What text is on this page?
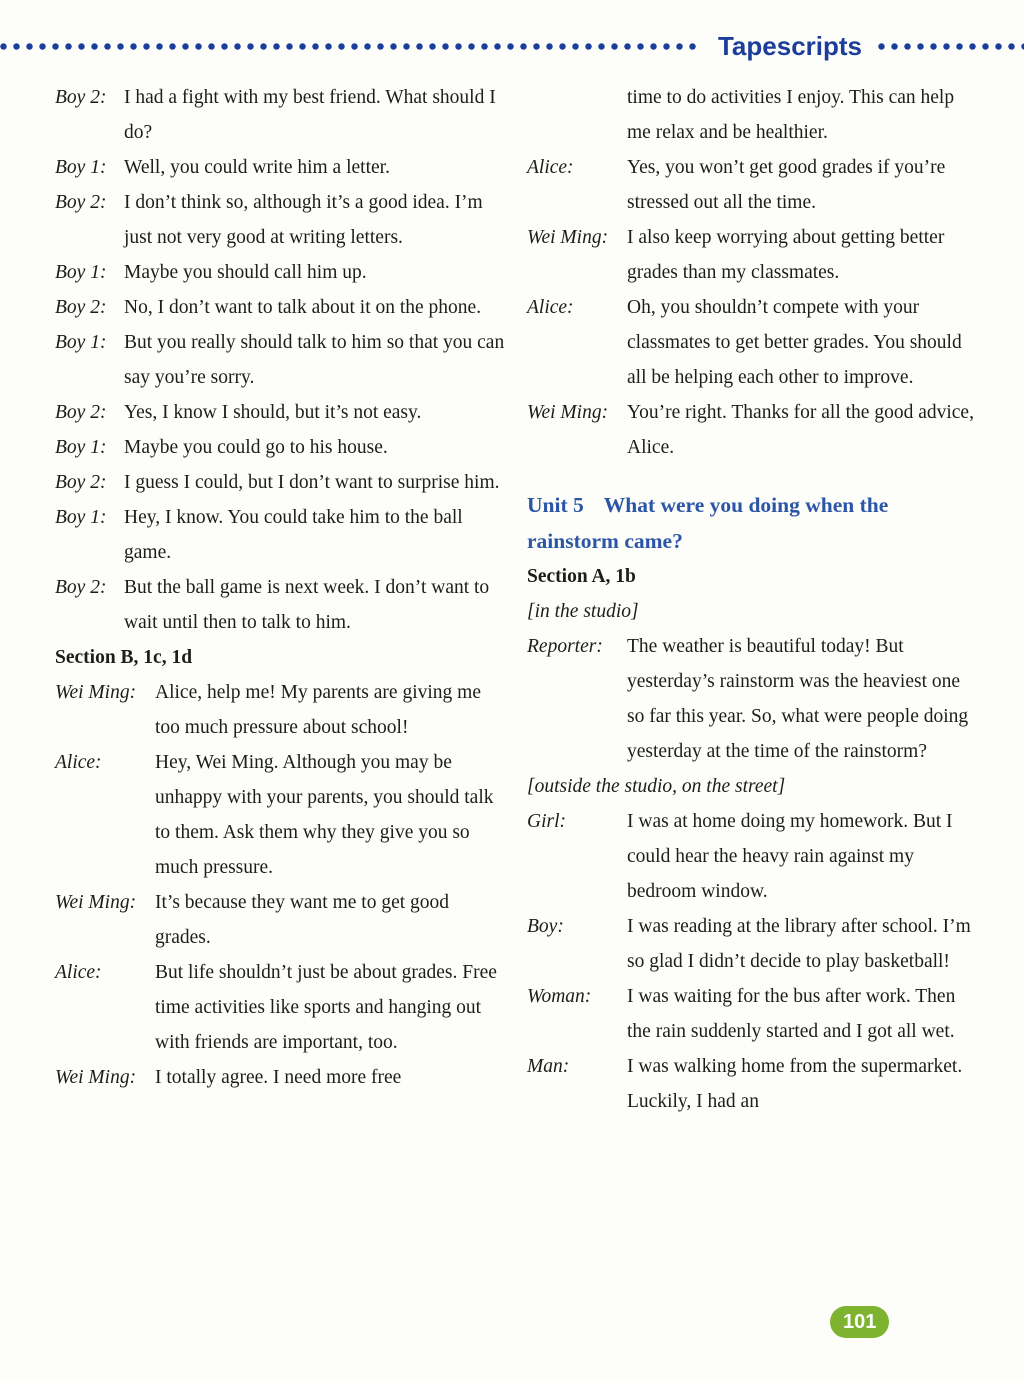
Tapescripts
Boy 2: I had a fight with my best friend. What should I do?
Boy 1: Well, you could write him a letter.
Boy 2: I don’t think so, although it’s a good idea. I’m just not very good at writing letters.
Boy 1: Maybe you should call him up.
Boy 2: No, I don’t want to talk about it on the phone.
Boy 1: But you really should talk to him so that you can say you’re sorry.
Boy 2: Yes, I know I should, but it’s not easy.
Boy 1: Maybe you could go to his house.
Boy 2: I guess I could, but I don’t want to surprise him.
Boy 1: Hey, I know. You could take him to the ball game.
Boy 2: But the ball game is next week. I don’t want to wait until then to talk to him.
Section B, 1c, 1d
Wei Ming: Alice, help me! My parents are giving me too much pressure about school!
Alice:	Hey, Wei Ming. Although you may be unhappy with your parents, you should talk to them. Ask them why they give you so much pressure.
Wei Ming: It’s because they want me to get good grades.
Alice:	But life shouldn’t just be about grades. Free time activities like sports and hanging out with friends are important, too.
Wei Ming: I totally agree. I need more free
time to do activities I enjoy. This can help me relax and be healthier.
Alice:	Yes, you won’t get good grades if you’re stressed out all the time.
Wei Ming: I also keep worrying about getting better grades than my classmates.
Alice:	Oh, you shouldn’t compete with your classmates to get better grades. You should all be helping each other to improve.
Wei Ming: You’re right. Thanks for all the good advice, Alice.
Unit 5 What were you doing when the rainstorm came?
Section A, 1b
[in the studio]
Reporter: The weather is beautiful today! But yesterday’s rainstorm was the heaviest one so far this year. So, what were people doing yesterday at the time of the rainstorm?
[outside the studio, on the street]
Girl:	I was at home doing my homework. But I could hear the heavy rain against my bedroom window.
Boy:	I was reading at the library after school. I’m so glad I didn’t decide to play basketball!
Woman: I was waiting for the bus after work. Then the rain suddenly started and I got all wet.
Man:	I was walking home from the supermarket. Luckily, I had an
101
